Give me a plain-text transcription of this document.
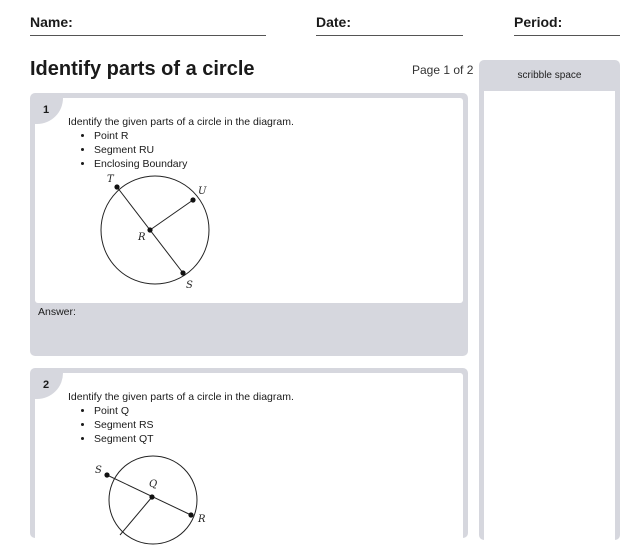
Name:	Date:	Period:
Identify parts of a circle	Page 1 of 2
1
Identify the given parts of a circle in the diagram.
• Point R
• Segment RU
• Enclosing Boundary
T
U
R
S
Answer:
2
Identify the given parts of a circle in the diagram.
• Point Q
• Segment RS
• Segment QT
S
Q
R
scribble space
